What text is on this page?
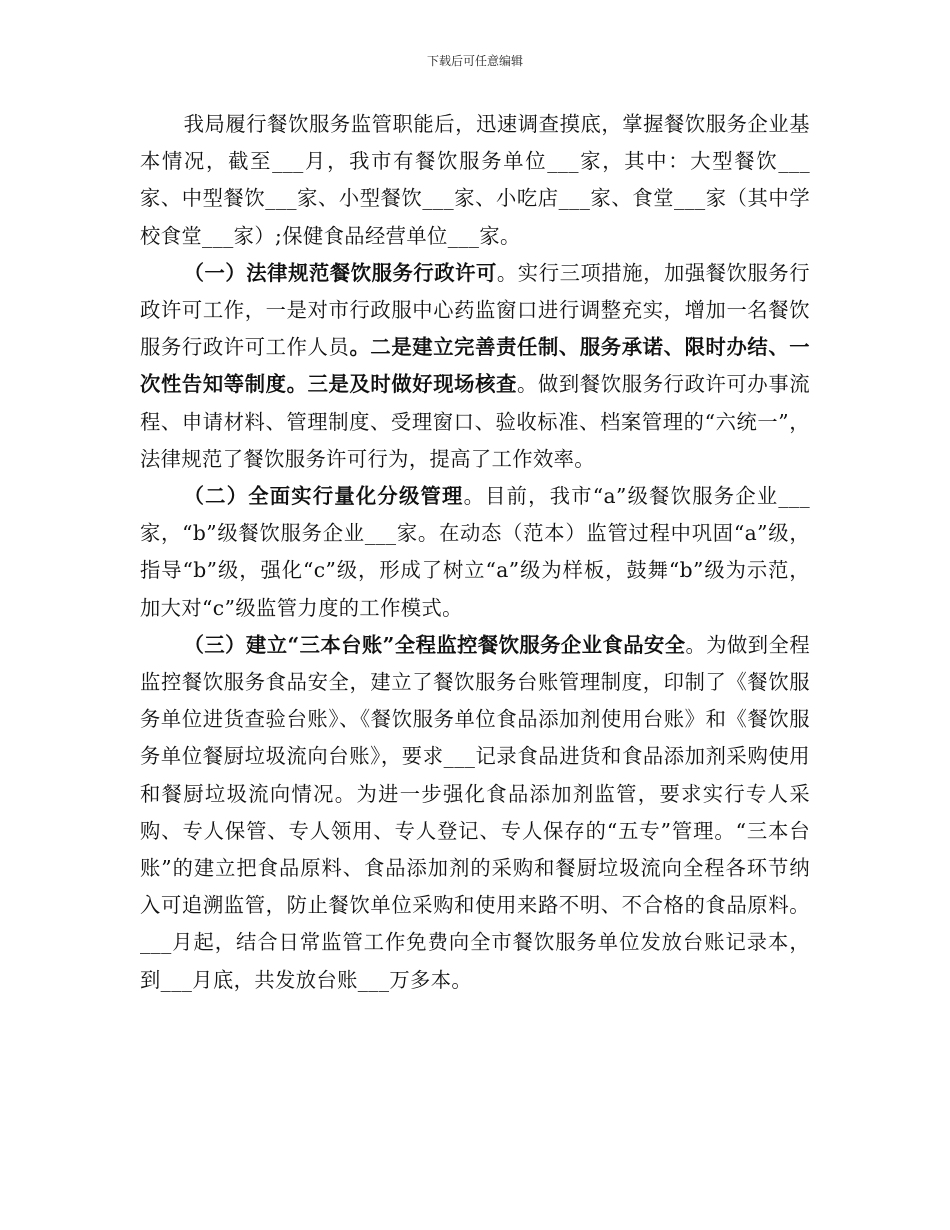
下载后可任意编辑

我局履行餐饮服务监管职能后，迅速调查摸底，掌握餐饮服务企业基本情况，截至___月，我市有餐饮服务单位___家，其中：大型餐饮___家、中型餐饮___家、小型餐饮___家、小吃店___家、食堂___家（其中学校食堂___家）;保健食品经营单位___家。

（一）法律规范餐饮服务行政许可。实行三项措施，加强餐饮服务行政许可工作，一是对市行政服中心药监窗口进行调整充实，增加一名餐饮服务行政许可工作人员。二是建立完善责任制、服务承诺、限时办结、一次性告知等制度。三是及时做好现场核查。做到餐饮服务行政许可办事流程、申请材料、管理制度、受理窗口、验收标准、档案管理的“六统一”，法律规范了餐饮服务许可行为，提高了工作效率。

（二）全面实行量化分级管理。目前，我市“a”级餐饮服务企业___家，“b”级餐饮服务企业___家。在动态（范本）监管过程中巩固“a”级，指导“b”级，强化“c”级，形成了树立“a”级为样板，鼓舞“b”级为示范，加大对“c”级监管力度的工作模式。

（三）建立“三本台账”全程监控餐饮服务企业食品安全。为做到全程监控餐饮服务食品安全，建立了餐饮服务台账管理制度，印制了《餐饮服务单位进货查验台账》、《餐饮服务单位食品添加剂使用台账》和《餐饮服务单位餐厨垃圾流向台账》，要求___记录食品进货和食品添加剂采购使用和餐厨垃圾流向情况。为进一步强化食品添加剂监管，要求实行专人采购、专人保管、专人领用、专人登记、专人保存的“五专”管理。“三本台账”的建立把食品原料、食品添加剂的采购和餐厨垃圾流向全程各环节纳入可追溯监管，防止餐饮单位采购和使用来路不明、不合格的食品原料。___月起，结合日常监管工作免费向全市餐饮服务单位发放台账记录本，到___月底，共发放台账___万多本。
